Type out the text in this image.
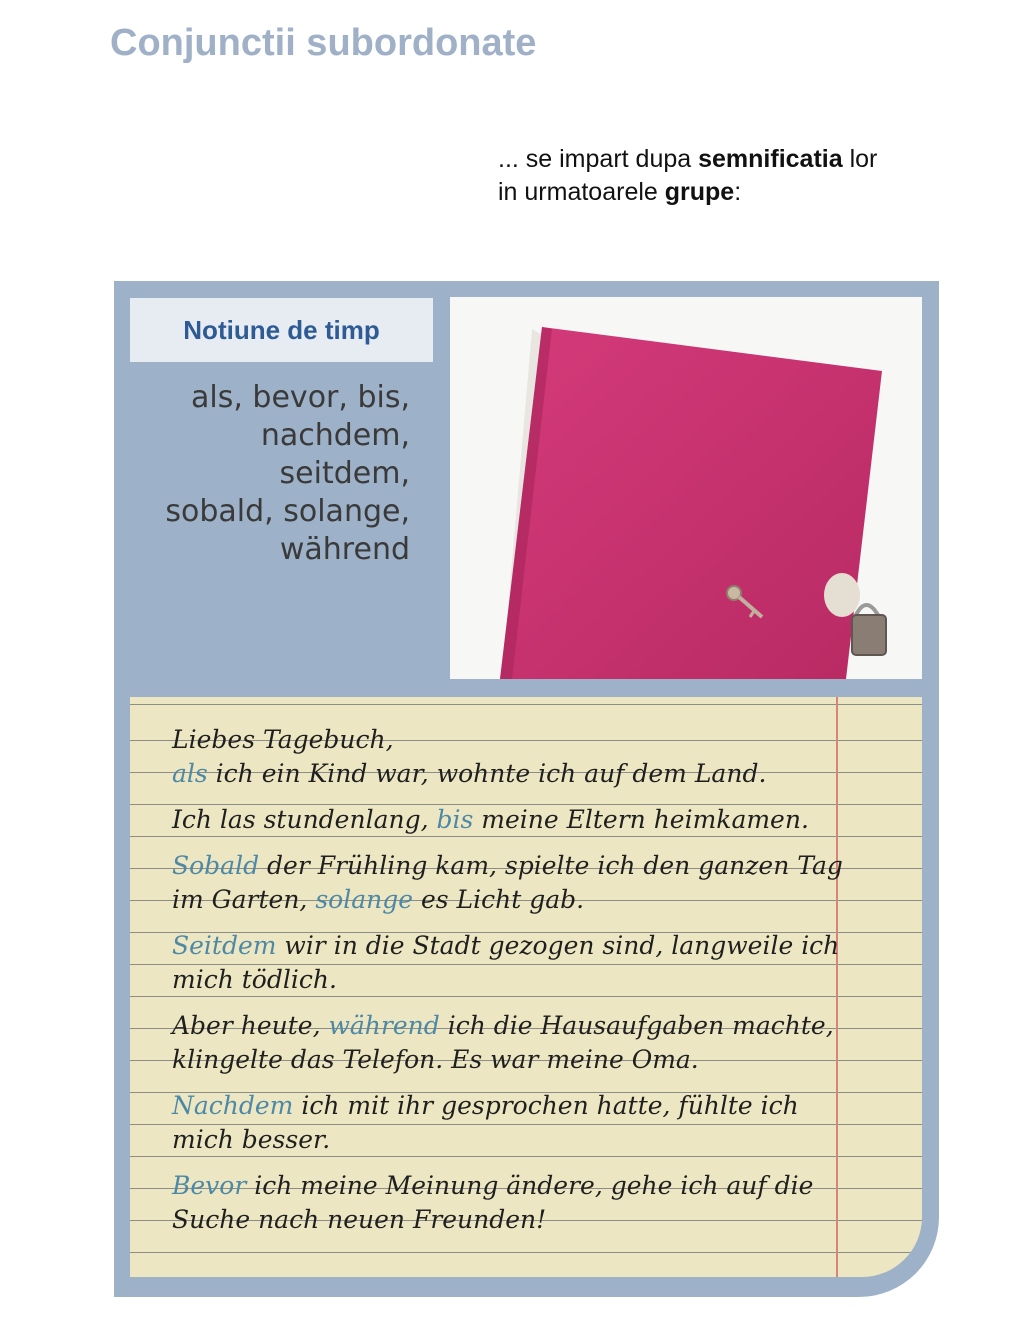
Conjunctii subordonate
... se impart dupa semnificatia lor
in urmatoarele grupe:
Notiune de timp
als, bevor, bis,
nachdem, seitdem,
sobald, solange,
während
Liebes Tagebuch,
als ich ein Kind war, wohnte ich auf dem Land.
Ich las stundenlang, bis meine Eltern heimkamen.
Sobald der Frühling kam, spielte ich den ganzen Tag
im Garten, solange es Licht gab.
Seitdem wir in die Stadt gezogen sind, langweile ich
mich tödlich.
Aber heute, während ich die Hausaufgaben machte,
klingelte das Telefon. Es war meine Oma.
Nachdem ich mit ihr gesprochen hatte, fühlte ich
mich besser.
Bevor ich meine Meinung ändere, gehe ich auf die
Suche nach neuen Freunden!
